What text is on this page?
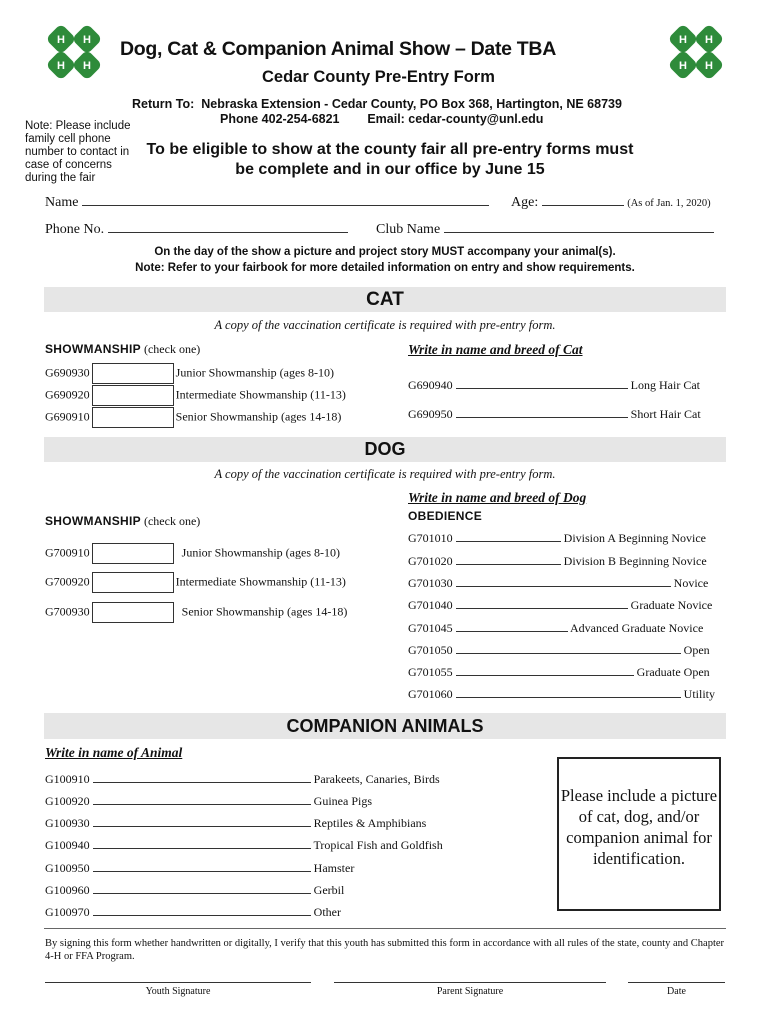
H H
H H
H H
H H
Dog, Cat & Companion Animal Show – Date TBA
Cedar County Pre-Entry Form
Return To: Nebraska Extension - Cedar County, PO Box 368, Hartington, NE 68739
Phone 402-254-6821 Email: cedar-county@unl.edu
Note: Please include family cell phone number to contact in case of concerns during the fair
To be eligible to show at the county fair all pre-entry forms must
be complete and in our office by June 15
Name	Age:	(As of Jan. 1, 2020)
Phone No.	Club Name
On the day of the show a picture and project story MUST accompany your animal(s).
Note: Refer to your fairbook for more detailed information on entry and show requirements.
CAT
A copy of the vaccination certificate is required with pre-entry form.
SHOWMANSHIP (check one)	Write in name and breed of Cat
G690930	Junior Showmanship (ages 8-10)
G690920	Intermediate Showmanship (11-13)
G690910	Senior Showmanship (ages 14-18)
G690940	Long Hair Cat
G690950	Short Hair Cat
DOG
A copy of the vaccination certificate is required with pre-entry form.
Write in name and breed of Dog
OBEDIENCE
SHOWMANSHIP (check one)
G700910	Junior Showmanship (ages 8-10)
G700920	Intermediate Showmanship (11-13)
G700930	Senior Showmanship (ages 14-18)
G701010	Division A Beginning Novice
G701020	Division B Beginning Novice
G701030	Novice
G701040	Graduate Novice
G701045	Advanced Graduate Novice
G701050	Open
G701055	Graduate Open
G701060	Utility
COMPANION ANIMALS
Write in name of Animal
G100910	Parakeets, Canaries, Birds
G100920	Guinea Pigs
G100930	Reptiles & Amphibians
G100940	Tropical Fish and Goldfish
G100950	Hamster
G100960	Gerbil
G100970	Other
Please include a picture of cat, dog, and/or companion animal for identification.
By signing this form whether handwritten or digitally, I verify that this youth has submitted this form in accordance with all rules of the state, county and Chapter 4-H or FFA Program.
Youth Signature	Parent Signature	Date
